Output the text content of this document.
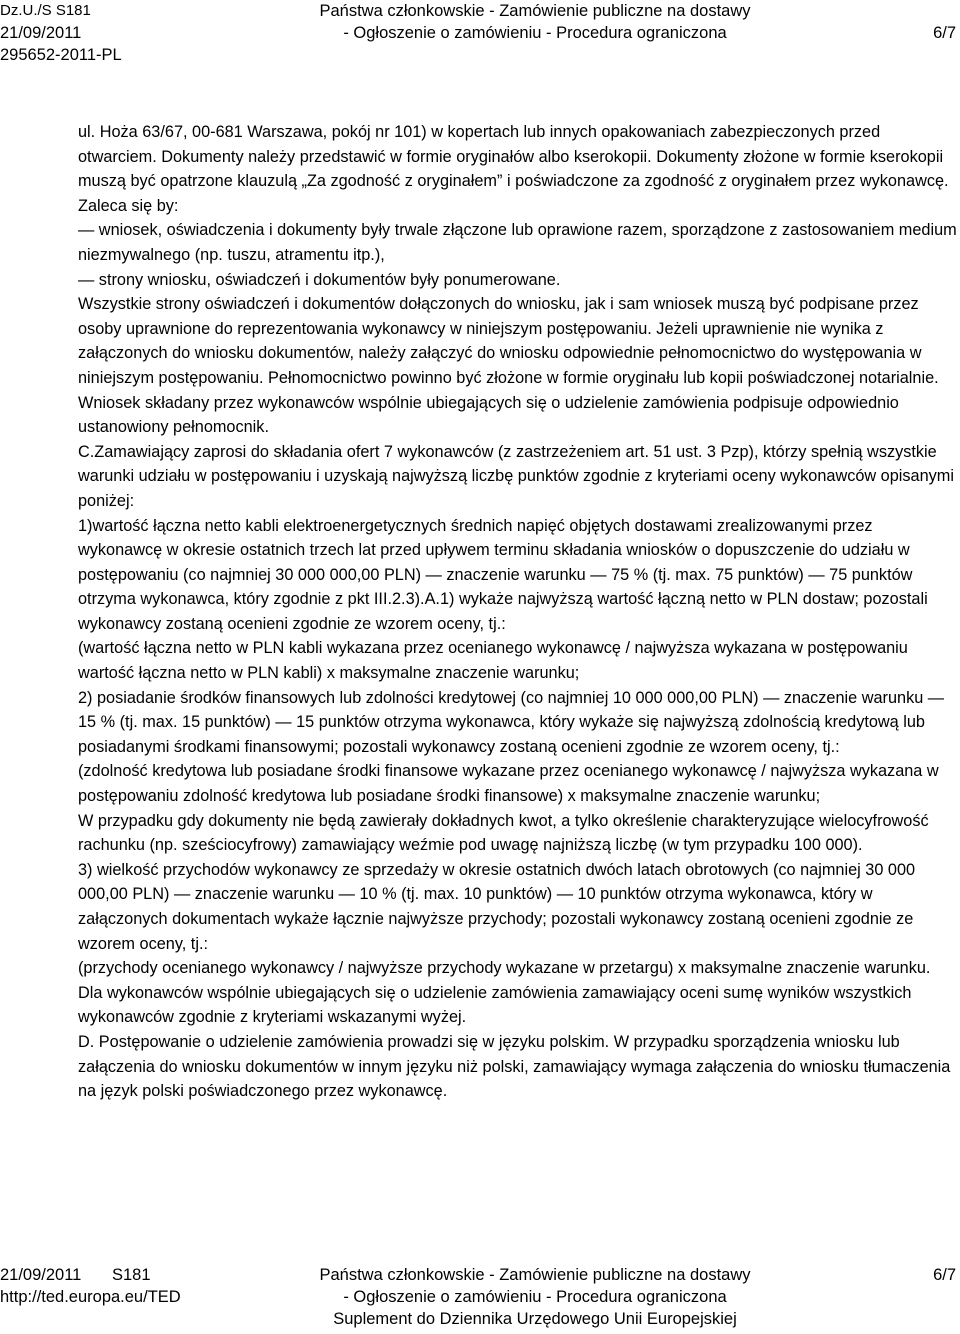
Dz.U./S S181
21/09/2011
295652-2011-PL
Państwa członkowskie - Zamówienie publiczne na dostawy
- Ogłoszenie o zamówieniu - Procedura ograniczona	6/7

ul. Hoża 63/67, 00-681 Warszawa, pokój nr 101) w kopertach lub innych opakowaniach zabezpieczonych przed otwarciem. Dokumenty należy przedstawić w formie oryginałów albo kserokopii. Dokumenty złożone w formie kserokopii muszą być opatrzone klauzulą „Za zgodność z oryginałem” i poświadczone za zgodność z oryginałem przez wykonawcę. Zaleca się by:

— wniosek, oświadczenia i dokumenty były trwale złączone lub oprawione razem, sporządzone z zastosowaniem medium niezmywalnego (np. tuszu, atramentu itp.),

— strony wniosku, oświadczeń i dokumentów były ponumerowane.

Wszystkie strony oświadczeń i dokumentów dołączonych do wniosku, jak i sam wniosek muszą być podpisane przez osoby uprawnione do reprezentowania wykonawcy w niniejszym postępowaniu. Jeżeli uprawnienie nie wynika z załączonych do wniosku dokumentów, należy załączyć do wniosku odpowiednie pełnomocnictwo do występowania w niniejszym postępowaniu. Pełnomocnictwo powinno być złożone w formie oryginału lub kopii poświadczonej notarialnie. Wniosek składany przez wykonawców wspólnie ubiegających się o udzielenie zamówienia podpisuje odpowiednio ustanowiony pełnomocnik.

C.Zamawiający zaprosi do składania ofert 7 wykonawców (z zastrzeżeniem art. 51 ust. 3 Pzp), którzy spełnią wszystkie warunki udziału w postępowaniu i uzyskają najwyższą liczbę punktów zgodnie z kryteriami oceny wykonawców opisanymi poniżej:

1)wartość łączna netto kabli elektroenergetycznych średnich napięć objętych dostawami zrealizowanymi przez wykonawcę w okresie ostatnich trzech lat przed upływem terminu składania wniosków o dopuszczenie do udziału w postępowaniu (co najmniej 30 000 000,00 PLN) — znaczenie warunku — 75 % (tj. max. 75 punktów) — 75 punktów otrzyma wykonawca, który zgodnie z pkt III.2.3).A.1) wykaże najwyższą wartość łączną netto w PLN dostaw; pozostali wykonawcy zostaną ocenieni zgodnie ze wzorem oceny, tj.:

(wartość łączna netto w PLN kabli wykazana przez ocenianego wykonawcę / najwyższa wykazana w postępowaniu wartość łączna netto w PLN kabli) x maksymalne znaczenie warunku;

2) posiadanie środków finansowych lub zdolności kredytowej (co najmniej 10 000 000,00 PLN) — znaczenie warunku — 15 % (tj. max. 15 punktów) — 15 punktów otrzyma wykonawca, który wykaże się najwyższą zdolnością kredytową lub posiadanymi środkami finansowymi; pozostali wykonawcy zostaną ocenieni zgodnie ze wzorem oceny, tj.:

(zdolność kredytowa lub posiadane środki finansowe wykazane przez ocenianego wykonawcę / najwyższa wykazana w postępowaniu zdolność kredytowa lub posiadane środki finansowe) x maksymalne znaczenie warunku;

W przypadku gdy dokumenty nie będą zawierały dokładnych kwot, a tylko określenie charakteryzujące wielocyfrowość rachunku (np. sześciocyfrowy) zamawiający weźmie pod uwagę najniższą liczbę (w tym przypadku 100 000).

3) wielkość przychodów wykonawcy ze sprzedaży w okresie ostatnich dwóch latach obrotowych (co najmniej 30 000 000,00 PLN) — znaczenie warunku — 10 % (tj. max. 10 punktów) — 10 punktów otrzyma wykonawca, który w załączonych dokumentach wykaże łącznie najwyższe przychody; pozostali wykonawcy zostaną ocenieni zgodnie ze wzorem oceny, tj.:

(przychody ocenianego wykonawcy / najwyższe przychody wykazane w przetargu) x maksymalne znaczenie warunku.

Dla wykonawców wspólnie ubiegających się o udzielenie zamówienia zamawiający oceni sumę wyników wszystkich wykonawców zgodnie z kryteriami wskazanymi wyżej.

D. Postępowanie o udzielenie zamówienia prowadzi się w języku polskim. W przypadku sporządzenia wniosku lub załączenia do wniosku dokumentów w innym języku niż polski, zamawiający wymaga załączenia do wniosku tłumaczenia na język polski poświadczonego przez wykonawcę.

21/09/2011 S181
http://ted.europa.eu/TED
Państwa członkowskie - Zamówienie publiczne na dostawy
- Ogłoszenie o zamówieniu - Procedura ograniczona
Suplement do Dziennika Urzędowego Unii Europejskiej
6/7
